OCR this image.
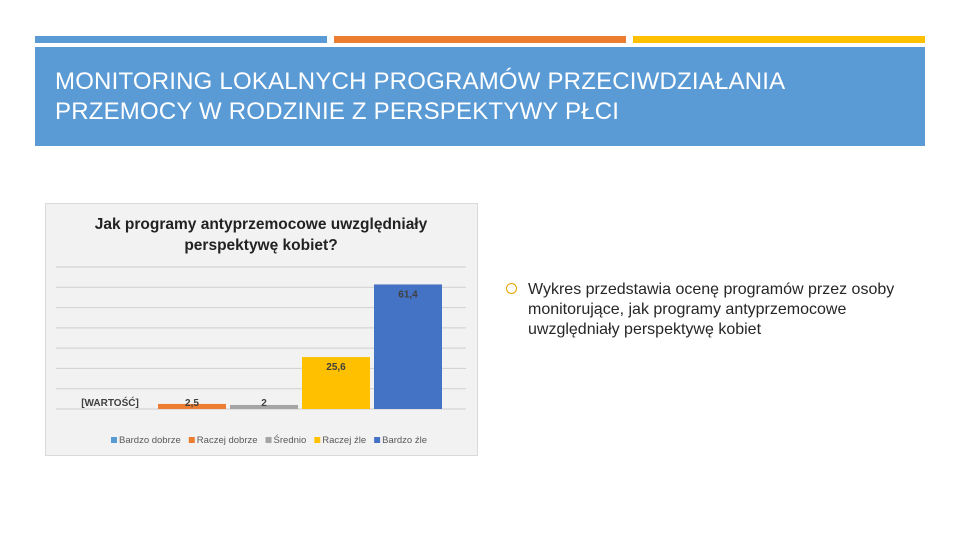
MONITORING LOKALNYCH PROGRAMÓW PRZECIWDZIAŁANIA PRZEMOCY W RODZINIE Z PERSPEKTYWY PŁCI
Jak programy antyprzemocowe uwzględniały perspektywę kobiet?
[WARTOŚĆ]	2,5	2
25,6
61,4
Bardzo dobrze Raczej dobrze Średnio Raczej źle Bardzo źle
Wykres przedstawia ocenę programów przez osoby monitorujące, jak programy antyprzemocowe uwzględniały perspektywę kobiet
